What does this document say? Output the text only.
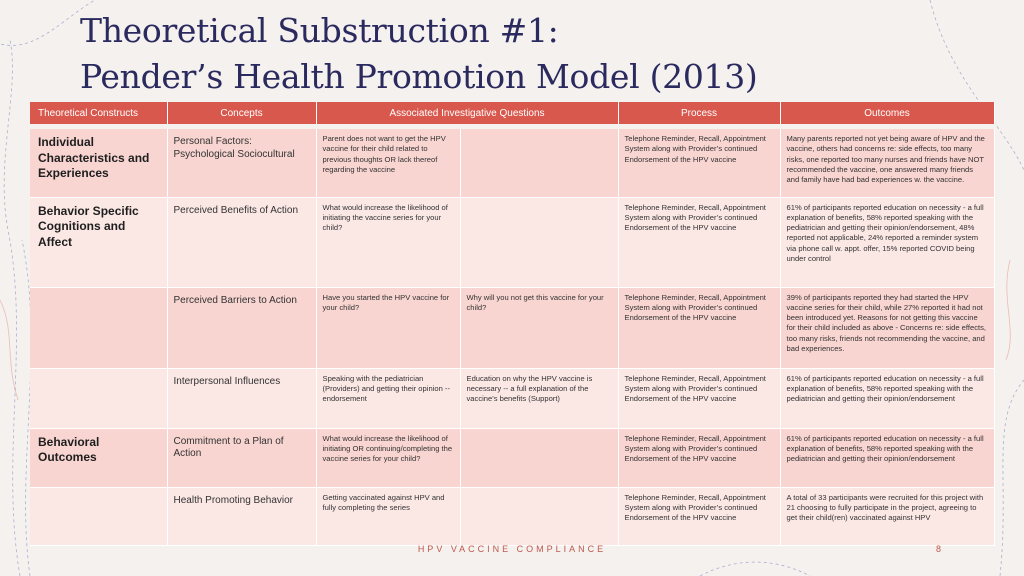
Theoretical Substruction #1:
Pender’s Health Promotion Model (2013)
Theoretical Constructs	Concepts	Associated Investigative Questions		Process	Outcomes

Individual Characteristics and Experiences	Personal Factors: Psychological Sociocultural	Parent does not want to get the HPV vaccine for their child related to previous thoughts OR lack thereof regarding the vaccine		Telephone Reminder, Recall, Appointment System along with Provider’s continued Endorsement of the HPV vaccine	Many parents reported not yet being aware of HPV and the vaccine, others had concerns re: side effects, too many risks, one reported too many nurses and friends have NOT recommended the vaccine, one answered many friends and family have had bad experiences w. the vaccine.
Behavior Specific Cognitions and Affect	Perceived Benefits of Action	What would increase the likelihood of initiating the vaccine series for your child?		Telephone Reminder, Recall, Appointment System along with Provider’s continued Endorsement of the HPV vaccine	61% of participants reported education on necessity - a full explanation of benefits, 58% reported speaking with the pediatrician and getting their opinion/endorsement, 48% reported not applicable, 24% reported a reminder system via phone call w. appt. offer, 15% reported COVID being under control
	Perceived Barriers to Action	Have you started the HPV vaccine for your child?	Why will you not get this vaccine for your child?	Telephone Reminder, Recall, Appointment System along with Provider’s continued Endorsement of the HPV vaccine	39% of participants reported they had started the HPV vaccine series for their child, while 27% reported it had not been introduced yet. Reasons for not getting this vaccine for their child included as above - Concerns re: side effects, too many risks, friends not recommending the vaccine, and bad experiences.
	Interpersonal Influences	Speaking with the pediatrician (Providers) and getting their opinion -- endorsement	Education on why the HPV vaccine is necessary -- a full explanation of the vaccine's benefits (Support)	Telephone Reminder, Recall, Appointment System along with Provider’s continued Endorsement of the HPV vaccine	61% of participants reported education on necessity - a full explanation of benefits, 58% reported speaking with the pediatrician and getting their opinion/endorsement
Behavioral Outcomes	Commitment to a Plan of Action	What would increase the likelihood of initiating OR continuing/completing the vaccine series for your child?		Telephone Reminder, Recall, Appointment System along with Provider’s continued Endorsement of the HPV vaccine	61% of participants reported education on necessity - a full explanation of benefits, 58% reported speaking with the pediatrician and getting their opinion/endorsement
	Health Promoting Behavior	Getting vaccinated against HPV and fully completing the series		Telephone Reminder, Recall, Appointment System along with Provider’s continued Endorsement of the HPV vaccine	A total of 33 participants were recruited for this project with 21 choosing to fully participate in the project, agreeing to get their child(ren) vaccinated against HPV
HPV VACCINE COMPLIANCE	8
